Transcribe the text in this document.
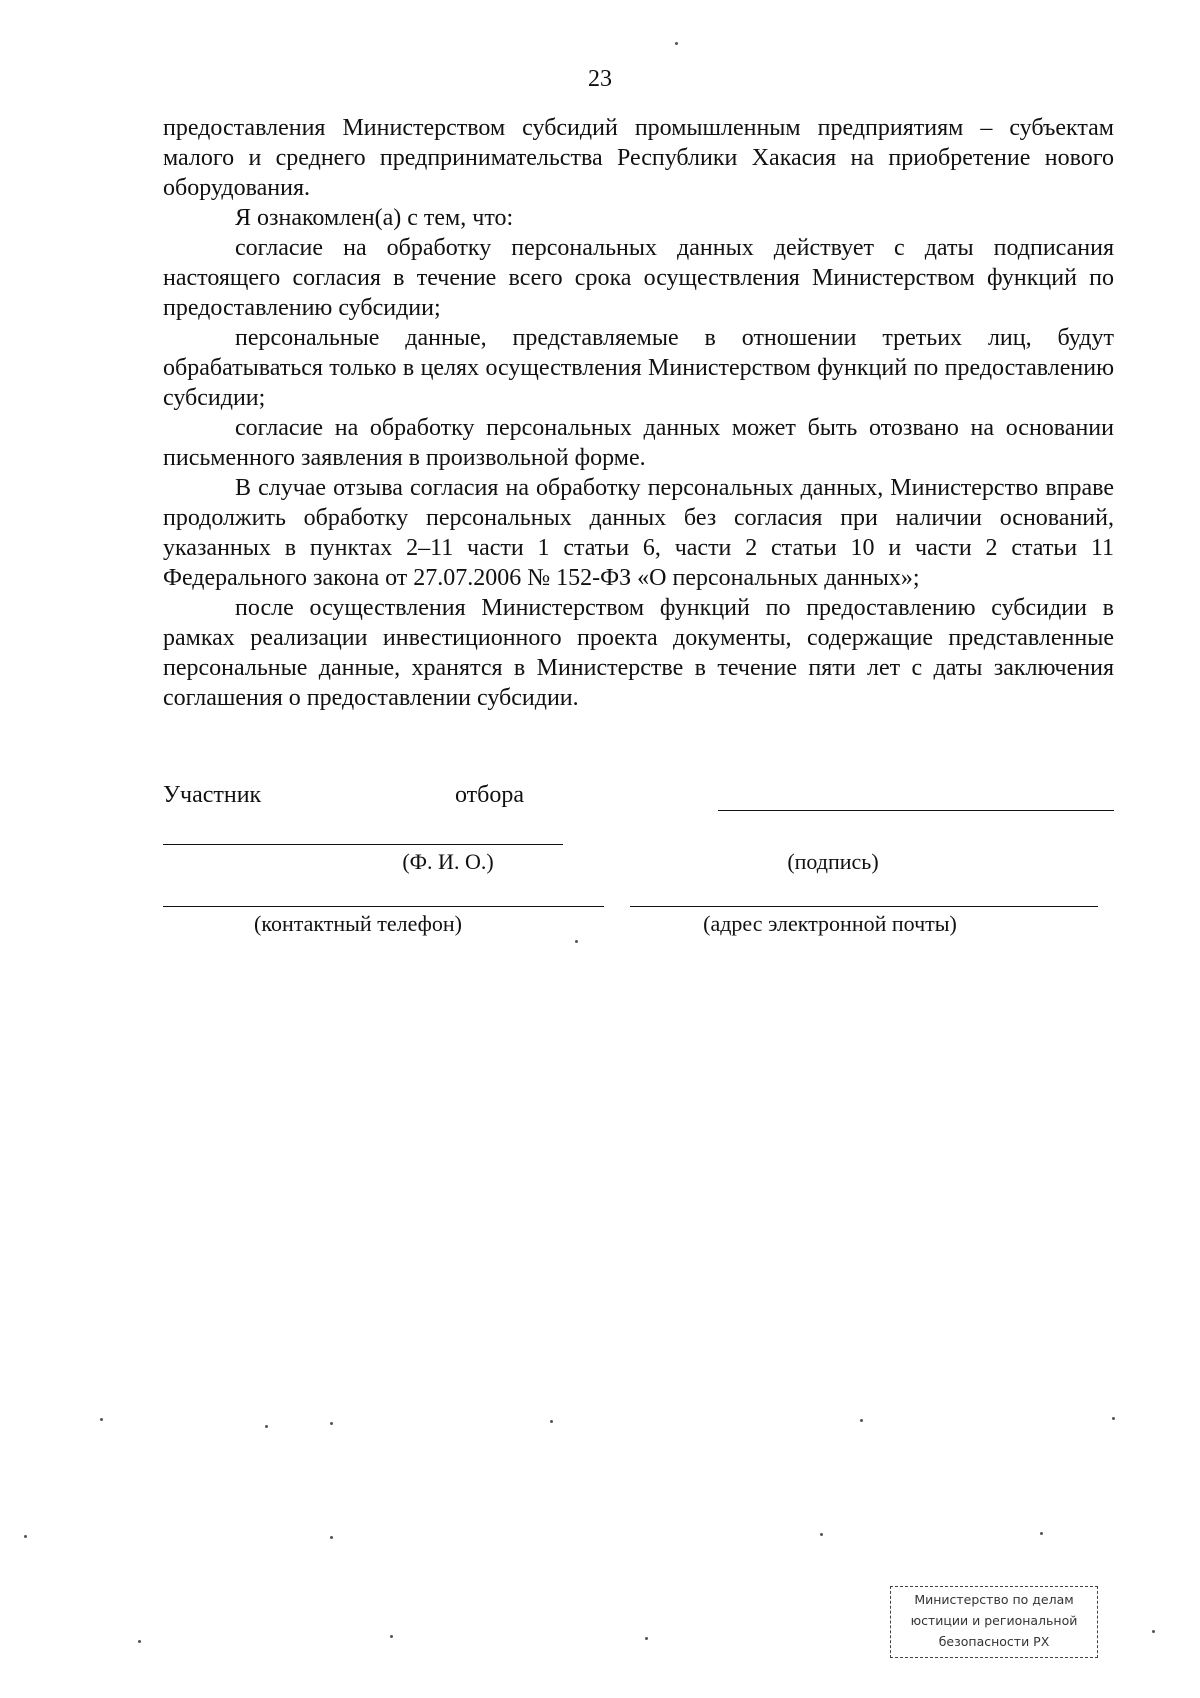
23

предоставления Министерством субсидий промышленным предприятиям – субъектам малого и среднего предпринимательства Республики Хакасия на приобретение нового оборудования.

Я ознакомлен(а) с тем, что:

согласие на обработку персональных данных действует с даты подписания настоящего согласия в течение всего срока осуществления Министерством функций по предоставлению субсидии;

персональные данные, представляемые в отношении третьих лиц, будут обрабатываться только в целях осуществления Министерством функций по предоставлению субсидии;

согласие на обработку персональных данных может быть отозвано на основании письменного заявления в произвольной форме.

В случае отзыва согласия на обработку персональных данных, Министерство вправе продолжить обработку персональных данных без согласия при наличии оснований, указанных в пунктах 2–11 части 1 статьи 6, части 2 статьи 10 и части 2 статьи 11 Федерального закона от 27.07.2006 № 152-ФЗ «О персональных данных»;

после осуществления Министерством функций по предоставлению субсидии в рамках реализации инвестиционного проекта документы, содержащие представленные персональные данные, хранятся в Министерстве в течение пяти лет с даты заключения соглашения о предоставлении субсидии.

Участник	отбора
(Ф. И. О.)	(подпись)
(контактный телефон)	(адрес электронной почты)
Министерство по делам
юстиции и региональной
безопасности РХ
